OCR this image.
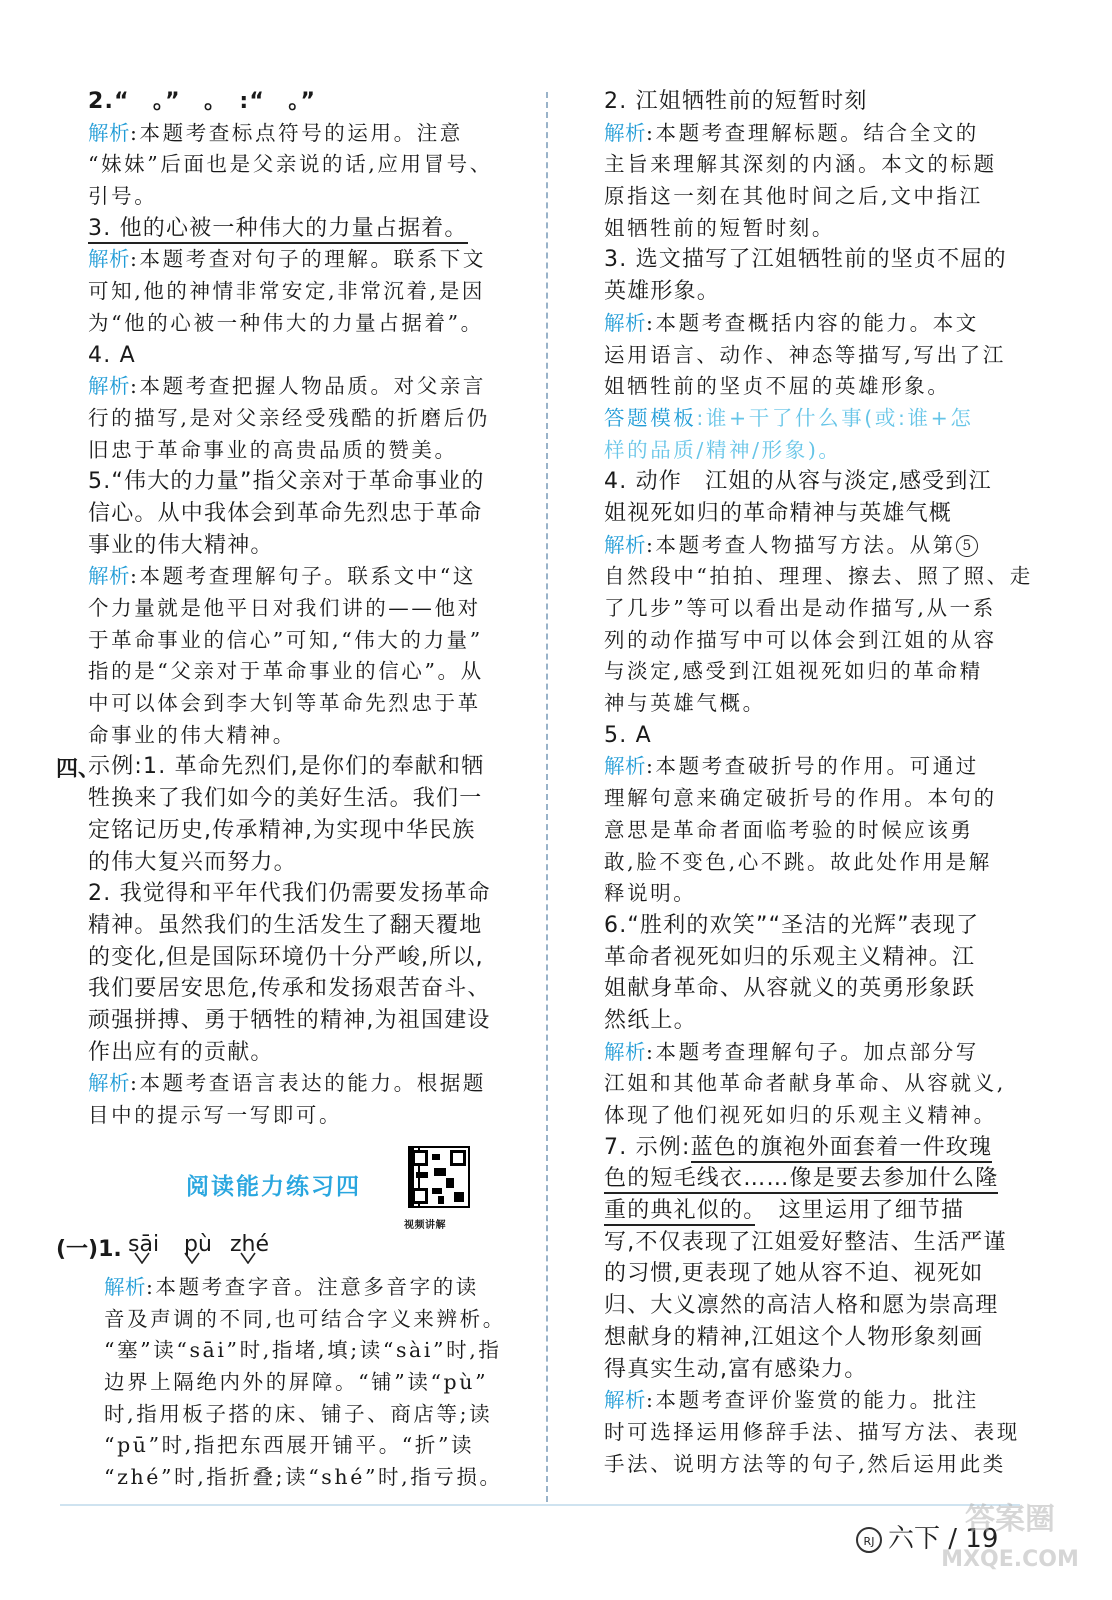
2.“　。”　。　:“　。”
解析:本题考查标点符号的运用。注意
“妹妹”后面也是父亲说的话,应用冒号、
引号。
3. 他的心被一种伟大的力量占据着。
解析:本题考查对句子的理解。联系下文
可知,他的神情非常安定,非常沉着,是因
为“他的心被一种伟大的力量占据着”。
4. A
解析:本题考查把握人物品质。对父亲言
行的描写,是对父亲经受残酷的折磨后仍
旧忠于革命事业的高贵品质的赞美。
5.“伟大的力量”指父亲对于革命事业的
信心。从中我体会到革命先烈忠于革命
事业的伟大精神。
解析:本题考查理解句子。联系文中“这
个力量就是他平日对我们讲的——他对
于革命事业的信心”可知,“伟大的力量”
指的是“父亲对于革命事业的信心”。从
中可以体会到李大钊等革命先烈忠于革
命事业的伟大精神。
示例:1. 革命先烈们,是你们的奉献和牺
牲换来了我们如今的美好生活。我们一
定铭记历史,传承精神,为实现中华民族
的伟大复兴而努力。
2. 我觉得和平年代我们仍需要发扬革命
精神。虽然我们的生活发生了翻天覆地
的变化,但是国际环境仍十分严峻,所以,
我们要居安思危,传承和发扬艰苦奋斗、
顽强拼搏、勇于牺牲的精神,为祖国建设
作出应有的贡献。
解析:本题考查语言表达的能力。根据题
目中的提示写一写即可。
四、
阅读能力练习四
视频讲解
(一)1. sāi pù zhé
解析:本题考查字音。注意多音字的读
音及声调的不同,也可结合字义来辨析。
“塞”读“sāi”时,指堵,填;读“sài”时,指
边界上隔绝内外的屏障。“铺”读“pù”
时,指用板子搭的床、铺子、商店等;读
“pū”时,指把东西展开铺平。“折”读
“zhé”时,指折叠;读“shé”时,指亏损。
2. 江姐牺牲前的短暂时刻
解析:本题考查理解标题。结合全文的
主旨来理解其深刻的内涵。本文的标题
原指这一刻在其他时间之后,文中指江
姐牺牲前的短暂时刻。
3. 选文描写了江姐牺牲前的坚贞不屈的
英雄形象。
解析:本题考查概括内容的能力。本文
运用语言、动作、神态等描写,写出了江
姐牺牲前的坚贞不屈的英雄形象。
答题模板:谁+干了什么事(或:谁+怎
样的品质/精神/形象)。
4. 动作　江姐的从容与淡定,感受到江
姐视死如归的革命精神与英雄气概
解析:本题考查人物描写方法。从第 5
自然段中“拍拍、理理、擦去、照了照、走
了几步”等可以看出是动作描写,从一系
列的动作描写中可以体会到江姐的从容
与淡定,感受到江姐视死如归的革命精
神与英雄气概。
5. A
解析:本题考查破折号的作用。可通过
理解句意来确定破折号的作用。本句的
意思是革命者面临考验的时候应该勇
敢,脸不变色,心不跳。故此处作用是解
释说明。
6.“胜利的欢笑”“圣洁的光辉”表现了
革命者视死如归的乐观主义精神。江
姐献身革命、从容就义的英勇形象跃
然纸上。
解析:本题考查理解句子。加点部分写
江姐和其他革命者献身革命、从容就义,
体现了他们视死如归的乐观主义精神。
7. 示例:蓝色的旗袍外面套着一件玫瑰
色的短毛线衣……像是要去参加什么隆
重的典礼似的。　这里运用了细节描
写,不仅表现了江姐爱好整洁、生活严谨
的习惯,更表现了她从容不迫、视死如
归、大义凛然的高洁人格和愿为崇高理
想献身的精神,江姐这个人物形象刻画
得真实生动,富有感染力。
解析:本题考查评价鉴赏的能力。批注
时可选择运用修辞手法、描写方法、表现
手法、说明方法等的句子,然后运用此类
RJ 六下 / 19
答案圈
MXQE.COM
